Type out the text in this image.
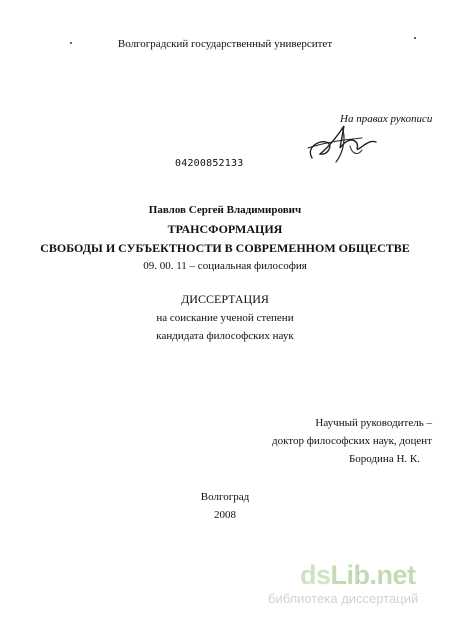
Волгоградский государственный университет
На правах рукописи
04200852133
Павлов Сергей Владимирович
ТРАНСФОРМАЦИЯ
СВОБОДЫ И СУБЪЕКТНОСТИ В СОВРЕМЕННОМ ОБЩЕСТВЕ
09. 00. 11 – социальная философия
ДИССЕРТАЦИЯ
на соискание ученой степени
кандидата философских наук
Научный руководитель –
доктор философских наук, доцент
Бородина Н. К.
Волгоград
2008
dsLib.net
библиотека диссертаций
